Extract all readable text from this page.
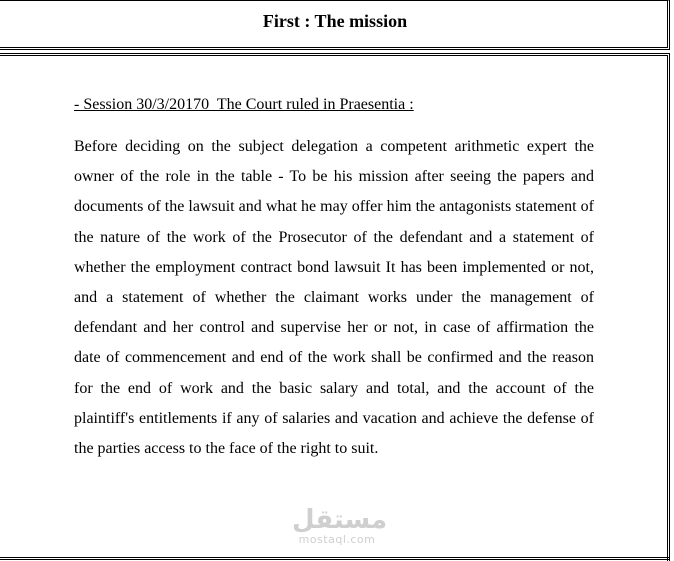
First : The mission
- Session 30/3/20170  The Court ruled in Praesentia :

Before deciding on the subject delegation a competent arithmetic expert the owner of the role in the table - To be his mission after seeing the papers and documents of the lawsuit and what he may offer him the antagonists statement of the nature of the work of the Prosecutor of the defendant and a statement of whether the employment contract bond lawsuit It has been implemented or not, and a statement of whether the claimant works under the management of defendant and her control and supervise her or not, in case of affirmation the date of commencement and end of the work shall be confirmed and the reason for the end of work and the basic salary and total, and the account of the plaintiff's entitlements if any of salaries and vacation and achieve the defense of the parties access to the face of the right to suit.

مستقل
mostaql.com
